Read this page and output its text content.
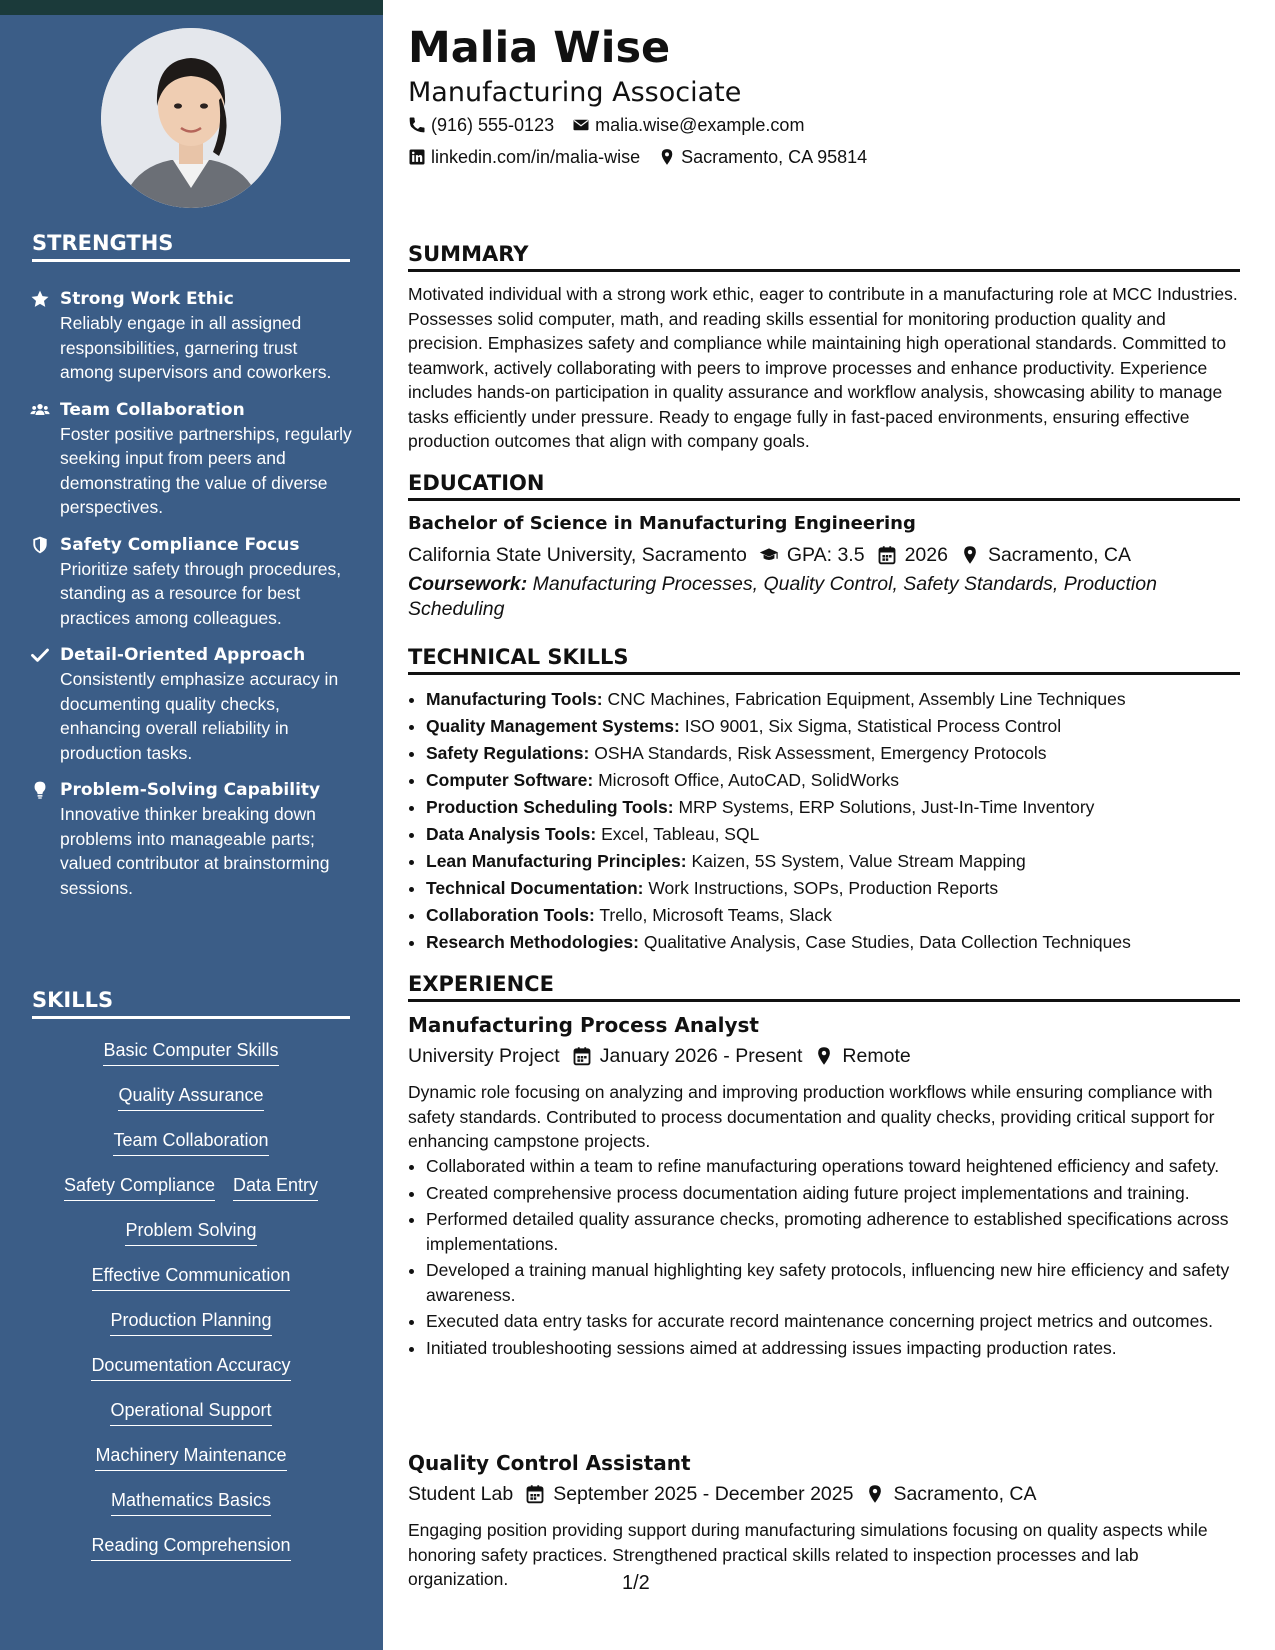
STRENGTHS
Strong Work Ethic
Reliably engage in all assigned responsibilities, garnering trust among supervisors and coworkers.
Team Collaboration
Foster positive partnerships, regularly seeking input from peers and demonstrating the value of diverse perspectives.
Safety Compliance Focus
Prioritize safety through procedures, standing as a resource for best practices among colleagues.
Detail-Oriented Approach
Consistently emphasize accuracy in documenting quality checks, enhancing overall reliability in production tasks.
Problem-Solving Capability
Innovative thinker breaking down problems into manageable parts; valued contributor at brainstorming sessions.
SKILLS
Basic Computer Skills
Quality Assurance
Team Collaboration
Safety Compliance Data Entry
Problem Solving
Effective Communication
Production Planning
Documentation Accuracy
Operational Support
Machinery Maintenance
Mathematics Basics
Reading Comprehension
Malia Wise
Manufacturing Associate
(916) 555-0123 malia.wise@example.com
linkedin.com/in/malia-wise Sacramento, CA 95814
SUMMARY
Motivated individual with a strong work ethic, eager to contribute in a manufacturing role at MCC Industries. Possesses solid computer, math, and reading skills essential for monitoring production quality and precision. Emphasizes safety and compliance while maintaining high operational standards. Committed to teamwork, actively collaborating with peers to improve processes and enhance productivity. Experience includes hands-on participation in quality assurance and workflow analysis, showcasing ability to manage tasks efficiently under pressure. Ready to engage fully in fast-paced environments, ensuring effective production outcomes that align with company goals.
EDUCATION
Bachelor of Science in Manufacturing Engineering
California State University, Sacramento GPA: 3.5 2026 Sacramento, CA
Coursework: Manufacturing Processes, Quality Control, Safety Standards, Production Scheduling
TECHNICAL SKILLS
• Manufacturing Tools: CNC Machines, Fabrication Equipment, Assembly Line Techniques
• Quality Management Systems: ISO 9001, Six Sigma, Statistical Process Control
• Safety Regulations: OSHA Standards, Risk Assessment, Emergency Protocols
• Computer Software: Microsoft Office, AutoCAD, SolidWorks
• Production Scheduling Tools: MRP Systems, ERP Solutions, Just-In-Time Inventory
• Data Analysis Tools: Excel, Tableau, SQL
• Lean Manufacturing Principles: Kaizen, 5S System, Value Stream Mapping
• Technical Documentation: Work Instructions, SOPs, Production Reports
• Collaboration Tools: Trello, Microsoft Teams, Slack
• Research Methodologies: Qualitative Analysis, Case Studies, Data Collection Techniques
EXPERIENCE
Manufacturing Process Analyst
University Project January 2026 - Present Remote
Dynamic role focusing on analyzing and improving production workflows while ensuring compliance with safety standards. Contributed to process documentation and quality checks, providing critical support for enhancing campstone projects.
• Collaborated within a team to refine manufacturing operations toward heightened efficiency and safety.
• Created comprehensive process documentation aiding future project implementations and training.
• Performed detailed quality assurance checks, promoting adherence to established specifications across implementations.
• Developed a training manual highlighting key safety protocols, influencing new hire efficiency and safety awareness.
• Executed data entry tasks for accurate record maintenance concerning project metrics and outcomes.
• Initiated troubleshooting sessions aimed at addressing issues impacting production rates.
Quality Control Assistant
Student Lab September 2025 - December 2025 Sacramento, CA
Engaging position providing support during manufacturing simulations focusing on quality aspects while honoring safety practices. Strengthened practical skills related to inspection processes and lab organization.	1/2
